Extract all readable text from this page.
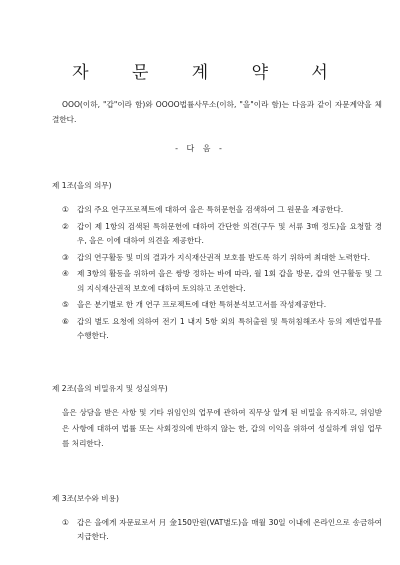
자 문 계 약 서
OOO(이하, "갑"이라 함)와 OOOO법률사무소(이하, "을"이라 함)는 다음과 같이 자문계약을 체결한다.
- 다 음 -
제 1조(을의 의무)
① 갑의 주요 연구프로젝트에 대하여 을은 특허문헌을 검색하여 그 원문을 제공한다.
② 갑이 제 1항의 검색된 특허문헌에 대하여 간단한 의견(구두 및 서류 3매 정도)을 요청할 경우, 을은 이에 대하여 의견을 제공한다.
③ 갑의 연구활동 및 미의 결과가 지식재산권적 보호를 받도록 하기 위하여 최대한 노력한다.
④ 제 3항의 활동을 위하여 을은 쌍방 정하는 바에 따라, 월 1회 갑을 방문, 갑의 연구활동 및 그의 지식재산권적 보호에 대하여 토의하고 조언한다.
⑤ 을은 분기별로 한 개 연구 프로젝트에 대한 특허분석보고서를 작성제공한다.
⑥ 갑의 별도 요청에 의하여 전기 1 내지 5항 외의 특허출원 및 특허침해조사 등의 제반업무를 수행한다.
제 2조(을의 비밀유지 및 성실의무)
을은 상담을 받은 사항 및 기타 위임인의 업무에 관하여 직무상 알게 된 비밀을 유지하고, 위임받은 사항에 대하여 법률 또는 사회정의에 반하지 않는 한, 갑의 이익을 위하여 성실하게 위임 업무를 처리한다.
제 3조(보수와 비용)
① 갑은 을에게 자문료로서 月 金150만원(VAT별도)을 매월 30일 이내에 온라인으로 송금하여 지급한다.
